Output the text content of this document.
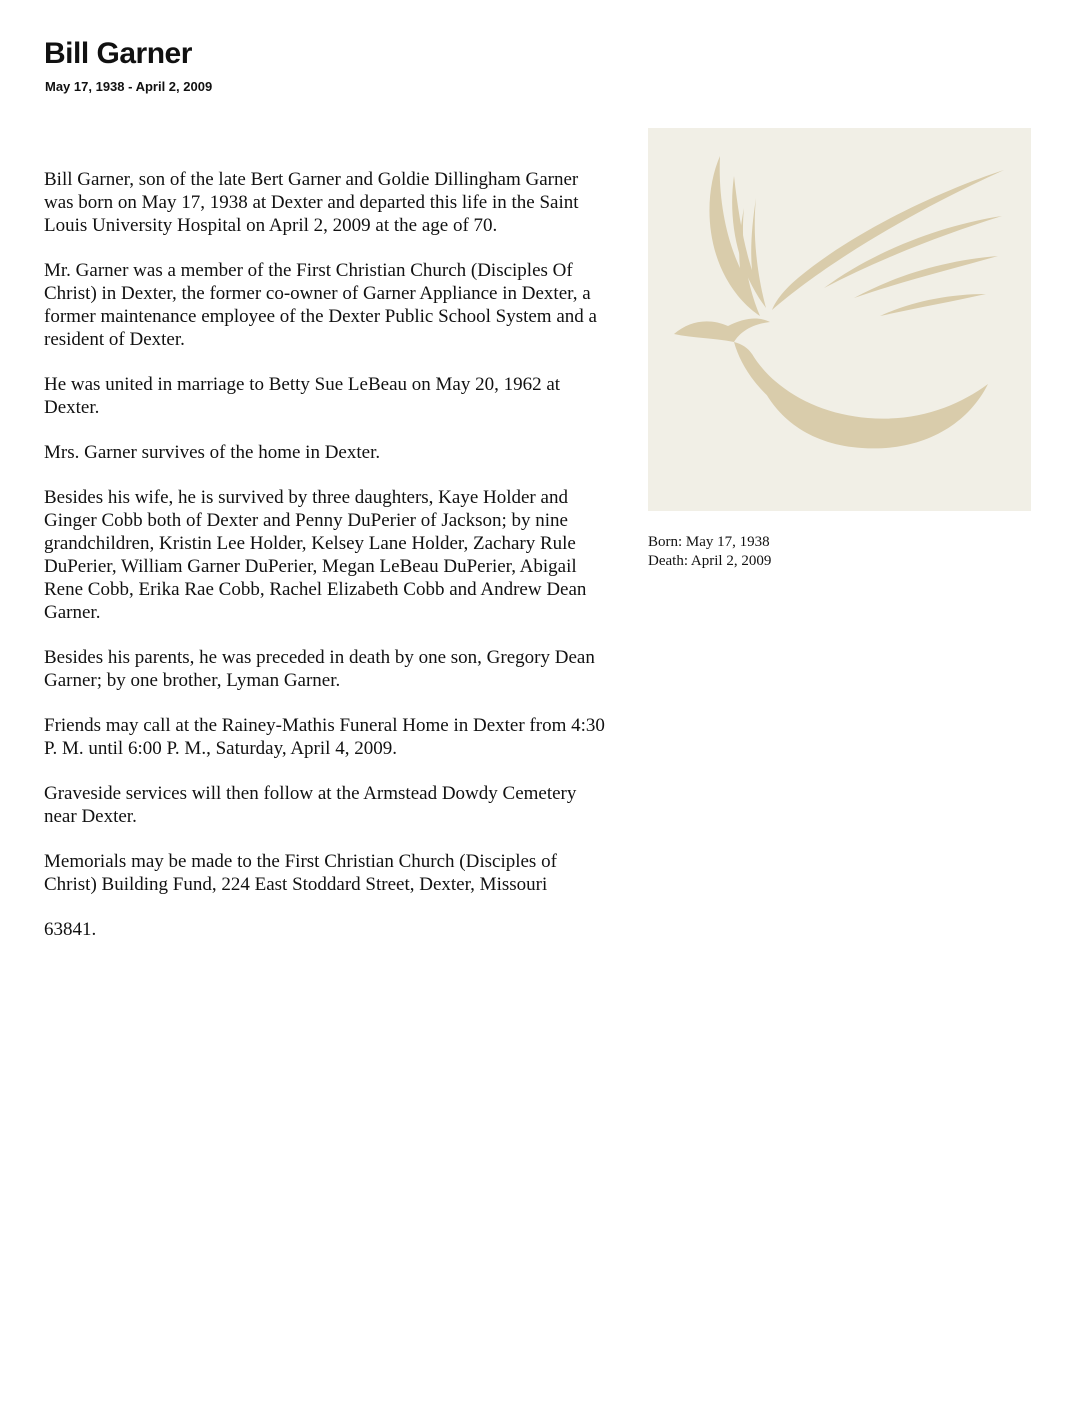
Bill Garner
May 17, 1938 - April 2, 2009

Bill Garner, son of the late Bert Garner and Goldie Dillingham Garner was born on May 17, 1938 at Dexter and departed this life in the Saint Louis University Hospital on April 2, 2009 at the age of 70.

Mr. Garner was a member of the First Christian Church (Disciples Of Christ) in Dexter, the former co-owner of Garner Appliance in Dexter, a former maintenance employee of the Dexter Public School System and a resident of Dexter.

He was united in marriage to Betty Sue LeBeau on May 20, 1962 at Dexter.

Mrs. Garner survives of the home in Dexter.

Besides his wife, he is survived by three daughters, Kaye Holder and Ginger Cobb both of Dexter and Penny DuPerier of Jackson; by nine grandchildren, Kristin Lee Holder, Kelsey Lane Holder, Zachary Rule DuPerier, William Garner DuPerier, Megan LeBeau DuPerier, Abigail Rene Cobb, Erika Rae Cobb, Rachel Elizabeth Cobb and Andrew Dean Garner.

Besides his parents, he was preceded in death by one son, Gregory Dean Garner; by one brother, Lyman Garner.

Friends may call at the Rainey-Mathis Funeral Home in Dexter from 4:30 P. M. until 6:00 P. M., Saturday, April 4, 2009.

Graveside services will then follow at the Armstead Dowdy Cemetery near Dexter.

Memorials may be made to the First Christian Church (Disciples of Christ) Building Fund, 224 East Stoddard Street, Dexter, Missouri

63841.

Born: May 17, 1938
Death: April 2, 2009
